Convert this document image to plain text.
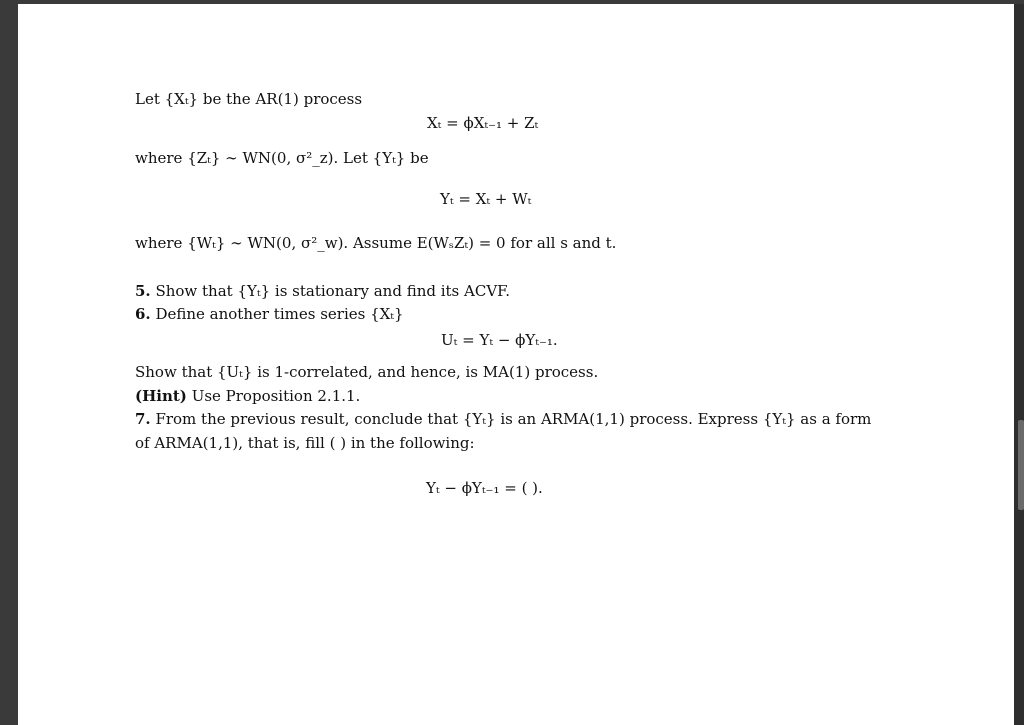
Let {Xₜ} be the AR(1) process
Xₜ = ϕXₜ₋₁ + Zₜ
where {Zₜ} ∼ WN(0, σ²_z). Let {Yₜ} be
Yₜ = Xₜ + Wₜ
where {Wₜ} ∼ WN(0, σ²_w). Assume E(WₛZₜ) = 0 for all s and t.
5. Show that {Yₜ} is stationary and find its ACVF.
6. Define another times series {Xₜ}
Uₜ = Yₜ − ϕYₜ₋₁.
Show that {Uₜ} is 1-correlated, and hence, is MA(1) process.
(Hint) Use Proposition 2.1.1.
7. From the previous result, conclude that {Yₜ} is an ARMA(1,1) process. Express {Yₜ} as a form
of ARMA(1,1), that is, fill ( ) in the following:
Yₜ − ϕYₜ₋₁ = ( ).
